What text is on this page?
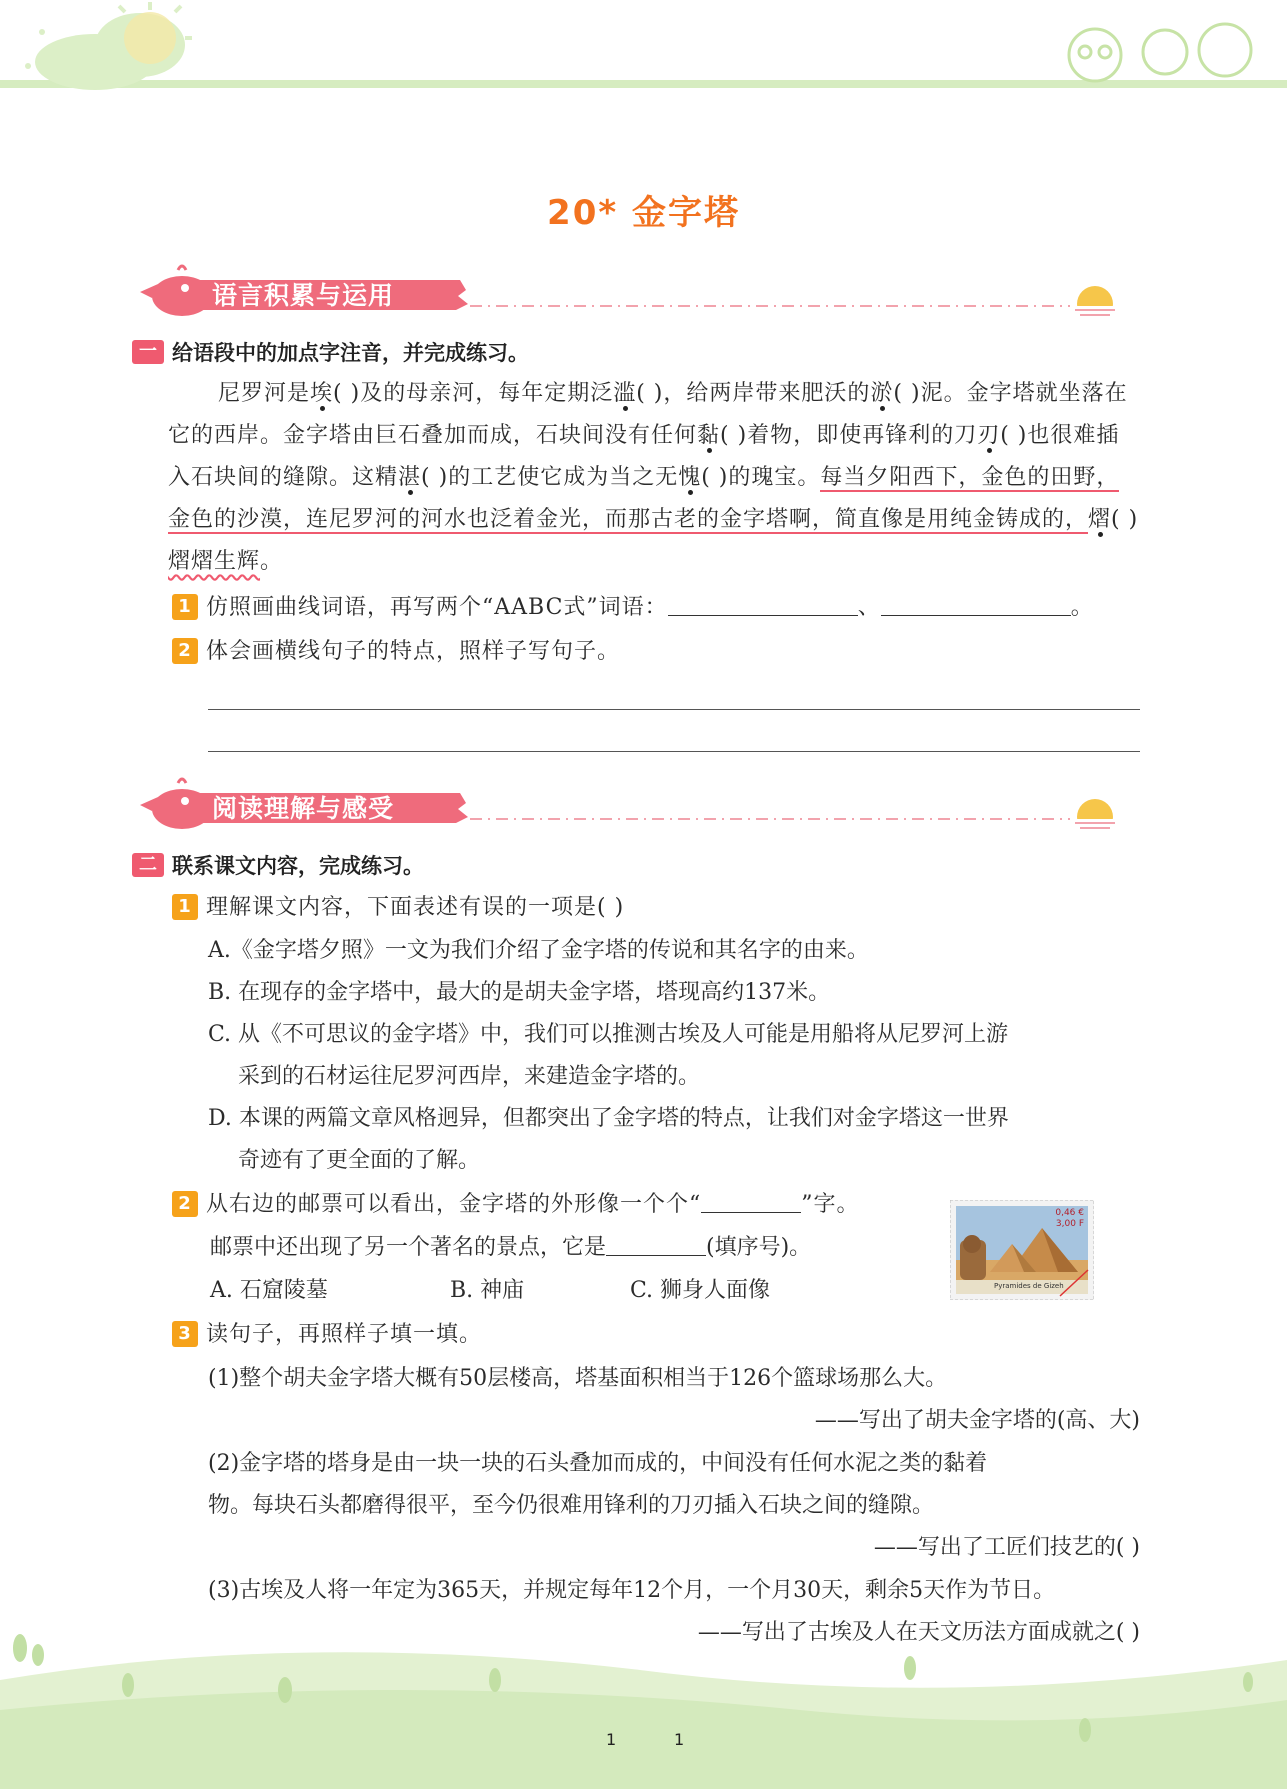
20* 金字塔
语言积累与运用
一 给语段中的加点字注音，并完成练习。
尼罗河是埃( )及的母亲河，每年定期泛滥( )，给两岸带来肥沃的淤( )泥。金字塔就坐落在它的西岸。金字塔由巨石叠加而成，石块间没有任何黏( )着物，即使再锋利的刀刃( )也很难插入石块间的缝隙。这精湛( )的工艺使它成为当之无愧( )的瑰宝。每当夕阳西下，金色的田野，金色的沙漠，连尼罗河的河水也泛着金光，而那古老的金字塔啊，简直像是用纯金铸成的，熠( )熠熠生辉。
1 仿照画曲线词语，再写两个“AABC式”词语：	、	。
2 体会画横线句子的特点，照样子写句子。
阅读理解与感受
二 联系课文内容，完成练习。
1 理解课文内容，下面表述有误的一项是( )
A.《金字塔夕照》一文为我们介绍了金字塔的传说和其名字的由来。
B. 在现存的金字塔中，最大的是胡夫金字塔，塔现高约137米。
C. 从《不可思议的金字塔》中，我们可以推测古埃及人可能是用船将从尼罗河上游
采到的石材运往尼罗河西岸，来建造金字塔的。
D. 本课的两篇文章风格迥异，但都突出了金字塔的特点，让我们对金字塔这一世界
奇迹有了更全面的了解。
2 从右边的邮票可以看出，金字塔的外形像一个个“	”字。
邮票中还出现了另一个著名的景点，它是	(填序号)。
A. 石窟陵墓	B. 神庙	C. 狮身人面像
0,46 €
3,00 F
Pyramides de Gizeh
3 读句子，再照样子填一填。
(1)整个胡夫金字塔大概有50层楼高，塔基面积相当于126个篮球场那么大。
——写出了胡夫金字塔的(高、大)
(2)金字塔的塔身是由一块一块的石头叠加而成的，中间没有任何水泥之类的黏着
物。每块石头都磨得很平，至今仍很难用锋利的刀刃插入石块之间的缝隙。
——写出了工匠们技艺的( )
(3)古埃及人将一年定为365天，并规定每年12个月，一个月30天，剩余5天作为节日。
——写出了古埃及人在天文历法方面成就之( )
1	1
